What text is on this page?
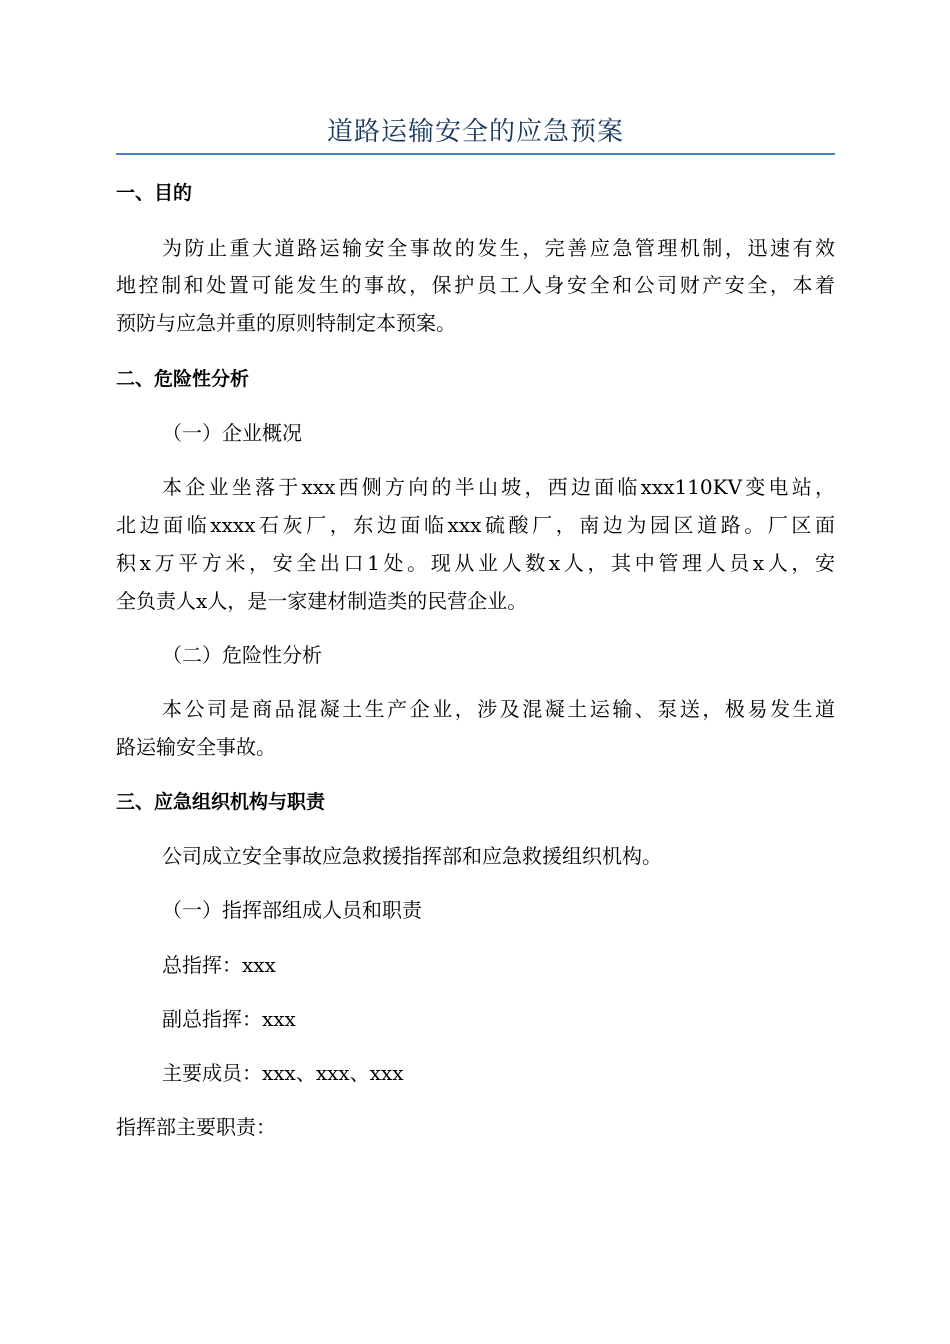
道路运输安全的应急预案
一、目的
为防止重大道路运输安全事故的发生，完善应急管理机制，迅速有效
地控制和处置可能发生的事故，保护员工人身安全和公司财产安全，本着
预防与应急并重的原则特制定本预案。
二、危险性分析
（一）企业概况
本企业坐落于xxx西侧方向的半山坡，西边面临xxx110KV变电站，
北边面临xxxx石灰厂，东边面临xxx硫酸厂，南边为园区道路。厂区面
积x万平方米，安全出口1处。现从业人数x人，其中管理人员x人，安
全负责人x人，是一家建材制造类的民营企业。
（二）危险性分析
本公司是商品混凝土生产企业，涉及混凝土运输、泵送，极易发生道
路运输安全事故。
三、应急组织机构与职责
公司成立安全事故应急救援指挥部和应急救援组织机构。
（一）指挥部组成人员和职责
总指挥：xxx
副总指挥：xxx
主要成员：xxx、xxx、xxx
指挥部主要职责：
